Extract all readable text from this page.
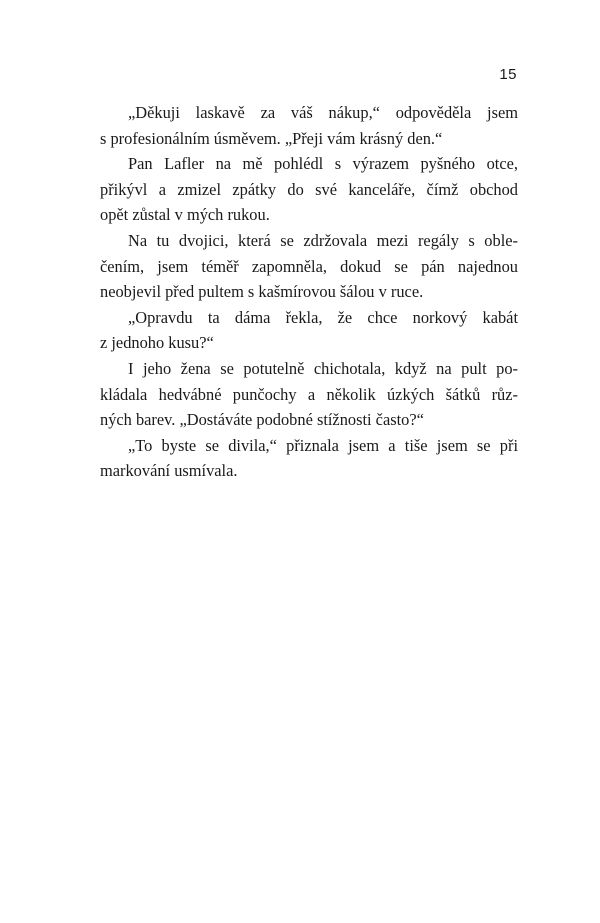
15
„Děkuji laskavě za váš nákup,“ odpověděla jsem
s profesionálním úsměvem. „Přeji vám krásný den.“
Pan Lafler na mě pohlédl s výrazem pyšného otce,
přikývl a zmizel zpátky do své kanceláře, čímž obchod
opět zůstal v mých rukou.
Na tu dvojici, která se zdržovala mezi regály s oble-
čením, jsem téměř zapomněla, dokud se pán najednou
neobjevil před pultem s kašmírovou šálou v ruce.
„Opravdu ta dáma řekla, že chce norkový kabát
z jednoho kusu?“
I jeho žena se potutelně chichotala, když na pult po-
kládala hedvábné punčochy a několik úzkých šátků růz-
ných barev. „Dostáváte podobné stížnosti často?“
„To byste se divila,“ přiznala jsem a tiše jsem se při
markování usmívala.
